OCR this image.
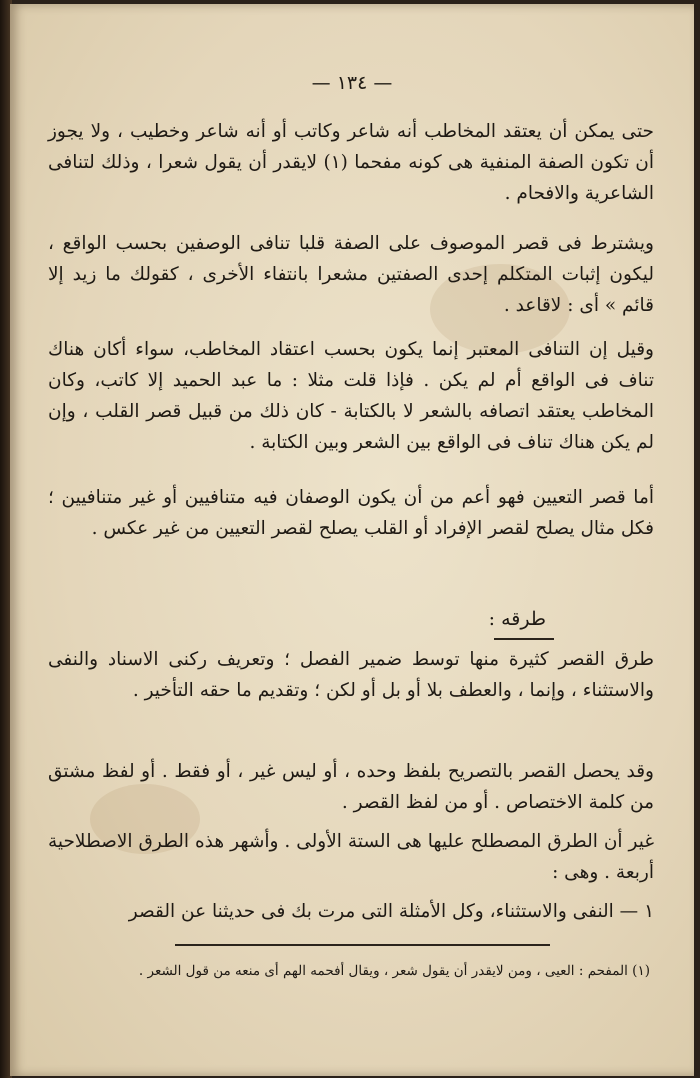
— ١٣٤ —
حتى يمكن أن يعتقد المخاطب أنه شاعر وكاتب أو أنه شاعر وخطيب ، ولا يجوز أن تكون الصفة المنفية هى كونه مفحما (١) لايقدر أن يقول شعرا ، وذلك لتنافى الشاعرية والافحام .
ويشترط فى قصر الموصوف على الصفة قلبا تنافى الوصفين بحسب الواقع ، ليكون إثبات المتكلم إحدى الصفتين مشعرا بانتفاء الأخرى ، كقولك ما زيد إلا قائم » أى : لاقاعد .
وقيل إن التنافى المعتبر إنما يكون بحسب اعتقاد المخاطب، سواء أكان هناك تناف فى الواقع أم لم يكن . فإذا قلت مثلا : ما عبد الحميد إلا كاتب، وكان المخاطب يعتقد اتصافه بالشعر لا بالكتابة - كان ذلك من قبيل قصر القلب ، وإن لم يكن هناك تناف فى الواقع بين الشعر وبين الكتابة .
أما قصر التعيين فهو أعم من أن يكون الوصفان فيه متنافيين أو غير متنافيين ؛ فكل مثال يصلح لقصر الإفراد أو القلب يصلح لقصر التعيين من غير عكس .
طرقه :
طرق القصر كثيرة منها توسط ضمير الفصل ؛ وتعريف ركنى الاسناد والنفى والاستثناء ، وإنما ، والعطف بلا أو بل أو لكن ؛ وتقديم ما حقه التأخير .
وقد يحصل القصر بالتصريح بلفظ وحده ، أو ليس غير ، أو فقط . أو لفظ مشتق من كلمة الاختصاص . أو من لفظ القصر .
غير أن الطرق المصطلح عليها هى الستة الأولى . وأشهر هذه الطرق الاصطلاحية أربعة . وهى :
١ — النفى والاستثناء، وكل الأمثلة التى مرت بك فى حديثنا عن القصر
(١) المفحم : العيى ، ومن لايقدر أن يقول شعر ، ويقال أفحمه الهم أى منعه من قول الشعر .
